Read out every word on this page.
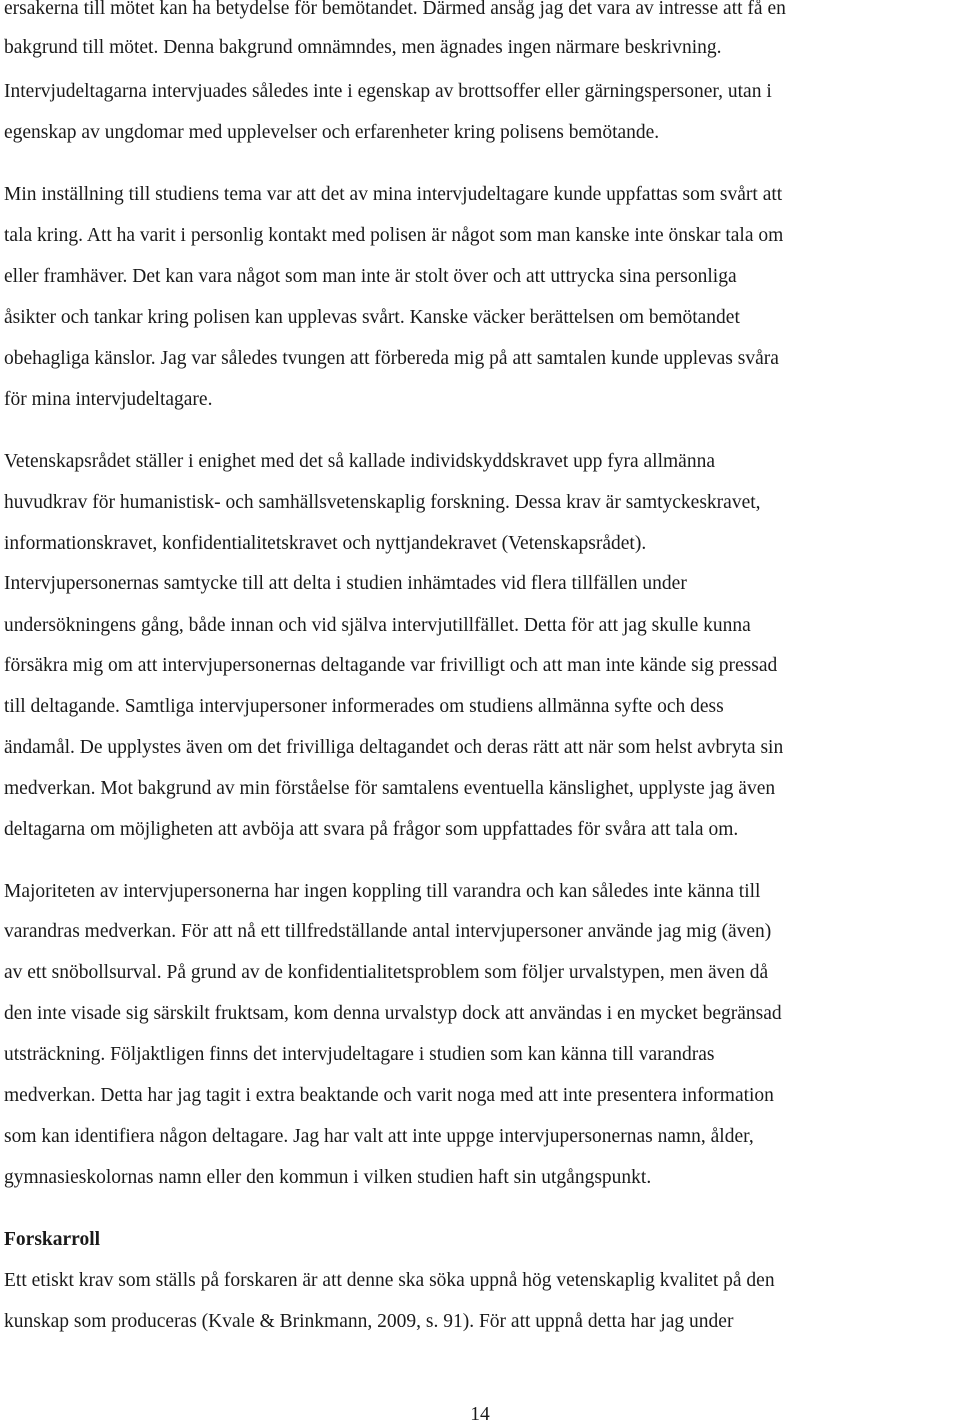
ersakerna till mötet kan ha betydelse för bemötandet. Därmed ansåg jag det vara av intresse att få en
bakgrund till mötet. Denna bakgrund omnämndes, men ägnades ingen närmare beskrivning.
Intervjudeltagarna intervjuades således inte i egenskap av brottsoffer eller gärningspersoner, utan i
egenskap av ungdomar med upplevelser och erfarenheter kring polisens bemötande.
Min inställning till studiens tema var att det av mina intervjudeltagare kunde uppfattas som svårt att
tala kring. Att ha varit i personlig kontakt med polisen är något som man kanske inte önskar tala om
eller framhäver. Det kan vara något som man inte är stolt över och att uttrycka sina personliga
åsikter och tankar kring polisen kan upplevas svårt. Kanske väcker berättelsen om bemötandet
obehagliga känslor. Jag var således tvungen att förbereda mig på att samtalen kunde upplevas svåra
för mina intervjudeltagare.
Vetenskapsrådet ställer i enighet med det så kallade individskyddskravet upp fyra allmänna
huvudkrav för humanistisk- och samhällsvetenskaplig forskning. Dessa krav är samtyckeskravet,
informationskravet, konfidentialitetskravet och nyttjandekravet (Vetenskapsrådet).
Intervjupersonernas samtycke till att delta i studien inhämtades vid flera tillfällen under
undersökningens gång, både innan och vid själva intervjutillfället. Detta för att jag skulle kunna
försäkra mig om att intervjupersonernas deltagande var frivilligt och att man inte kände sig pressad
till deltagande. Samtliga intervjupersoner informerades om studiens allmänna syfte och dess
ändamål. De upplystes även om det frivilliga deltagandet och deras rätt att när som helst avbryta sin
medverkan. Mot bakgrund av min förståelse för samtalens eventuella känslighet, upplyste jag även
deltagarna om möjligheten att avböja att svara på frågor som uppfattades för svåra att tala om.
Majoriteten av intervjupersonerna har ingen koppling till varandra och kan således inte känna till
varandras medverkan. För att nå ett tillfredställande antal intervjupersoner använde jag mig (även)
av ett snöbollsurval. På grund av de konfidentialitetsproblem som följer urvalstypen, men även då
den inte visade sig särskilt fruktsam, kom denna urvalstyp dock att användas i en mycket begränsad
utsträckning. Följaktligen finns det intervjudeltagare i studien som kan känna till varandras
medverkan. Detta har jag tagit i extra beaktande och varit noga med att inte presentera information
som kan identifiera någon deltagare. Jag har valt att inte uppge intervjupersonernas namn, ålder,
gymnasieskolornas namn eller den kommun i vilken studien haft sin utgångspunkt.
Forskarroll
Ett etiskt krav som ställs på forskaren är att denne ska söka uppnå hög vetenskaplig kvalitet på den
kunskap som produceras (Kvale & Brinkmann, 2009, s. 91). För att uppnå detta har jag under
14
